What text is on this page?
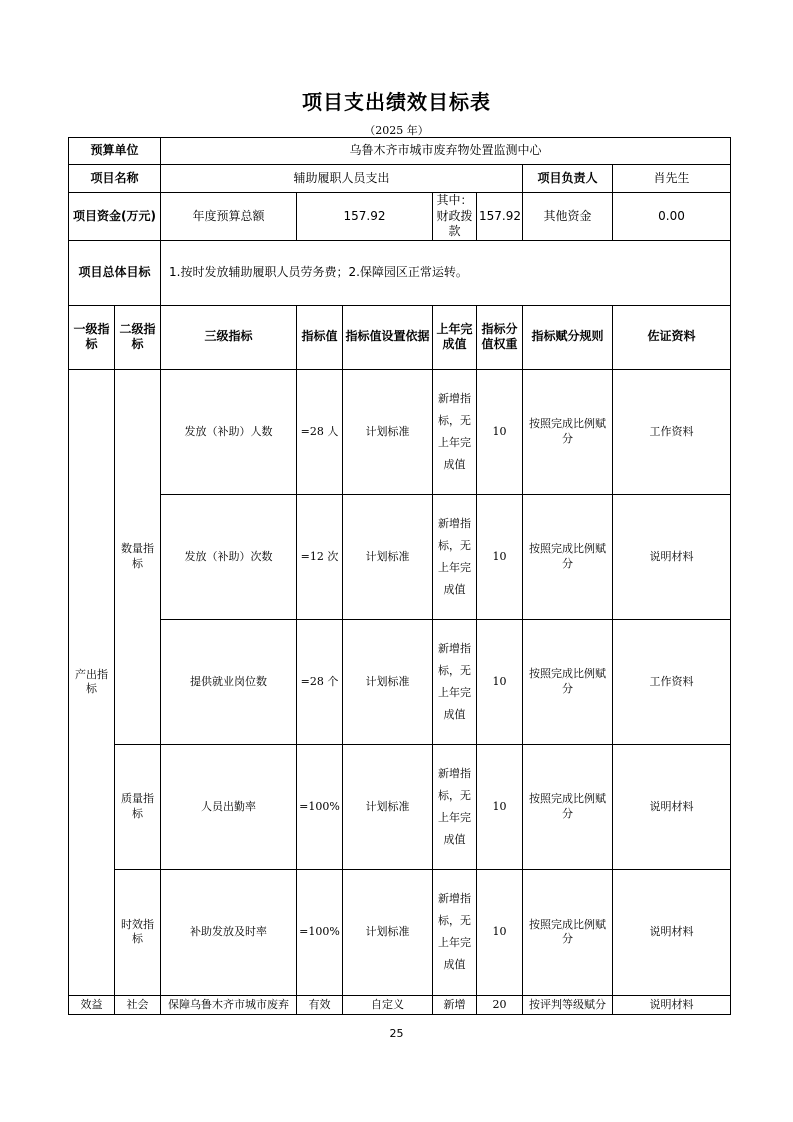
项目支出绩效目标表
（2025 年）
预算单位		乌鲁木齐市城市废弃物处置监测中心						
项目名称		辅助履职人员支出					项目负责人	肖先生
项目资金(万元)		年度预算总额	157.92		其中：财政拨款	157.92	其他资金	0.00
项目总体目标		1.按时发放辅助履职人员劳务费；2.保障园区正常运转。						
一级指标	二级指标	三级指标	指标值	指标值设置依据	上年完成值	指标分值权重	指标赋分规则	佐证资料
产出指标	数量指标	发放（补助）人数	=28 人	计划标准	新增指标，无上年完成值	10	按照完成比例赋分	工作资料
		发放（补助）次数	=12 次	计划标准	新增指标，无上年完成值	10	按照完成比例赋分	说明材料
		提供就业岗位数	=28 个	计划标准	新增指标，无上年完成值	10	按照完成比例赋分	工作资料
	质量指标	人员出勤率	=100%	计划标准	新增指标，无上年完成值	10	按照完成比例赋分	说明材料
	时效指标	补助发放及时率	=100%	计划标准	新增指标，无上年完成值	10	按照完成比例赋分	说明材料
效益	社会	保障乌鲁木齐市城市废弃	有效	自定义	新增	20	按评判等级赋分	说明材料
25
